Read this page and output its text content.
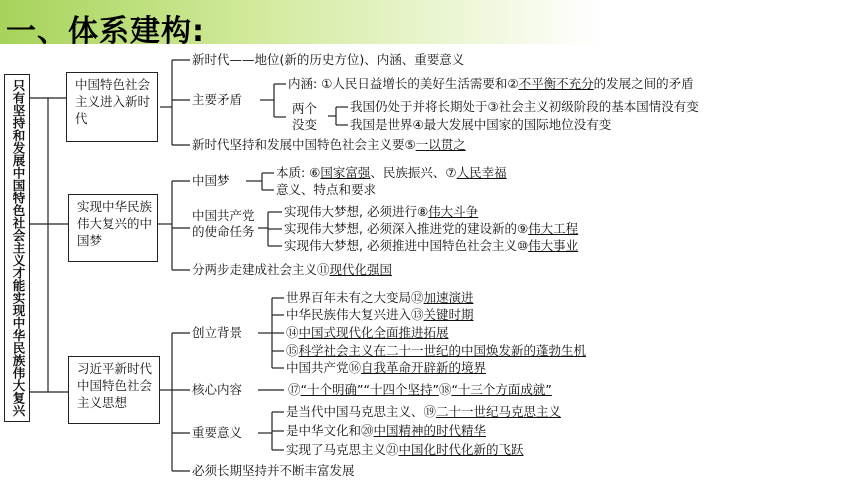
一、体系建构:
只有坚持和发展中国特色社会主义才能实现中华民族伟大复兴	中国特色社会主义进入新时代
实现中华民族伟大复兴的中国梦
习近平新时代中国特色社会主义思想
新时代——地位(新的历史方位)、内涵、重要意义
主要矛盾
内涵: ①人民日益增长的美好生活需要和②不平衡不充分的发展之间的矛盾
两个没变
我国仍处于并将长期处于③社会主义初级阶段的基本国情没有变
我国是世界④最大发展中国家的国际地位没有变
新时代坚持和发展中国特色社会主义要⑤一以贯之
中国梦
本质: ⑥国家富强、民族振兴、⑦人民幸福
意义、特点和要求
中国共产党的使命任务
实现伟大梦想, 必须进行⑧伟大斗争
实现伟大梦想, 必须深入推进党的建设新的⑨伟大工程
实现伟大梦想, 必须推进中国特色社会主义⑩伟大事业
分两步走建成社会主义⑪现代化强国
创立背景
世界百年未有之大变局⑫加速演进
中华民族伟大复兴进入⑬关键时期
⑭中国式现代化全面推进拓展
⑮科学社会主义在二十一世纪的中国焕发新的蓬勃生机
中国共产党⑯自我革命开辟新的境界
核心内容	⑰“十个明确”“十四个坚持”⑱“十三个方面成就”
重要意义
是当代中国马克思主义、⑲二十一世纪马克思主义
是中华文化和⑳中国精神的时代精华
实现了马克思主义㉑中国化时代化新的飞跃
必须长期坚持并不断丰富发展
